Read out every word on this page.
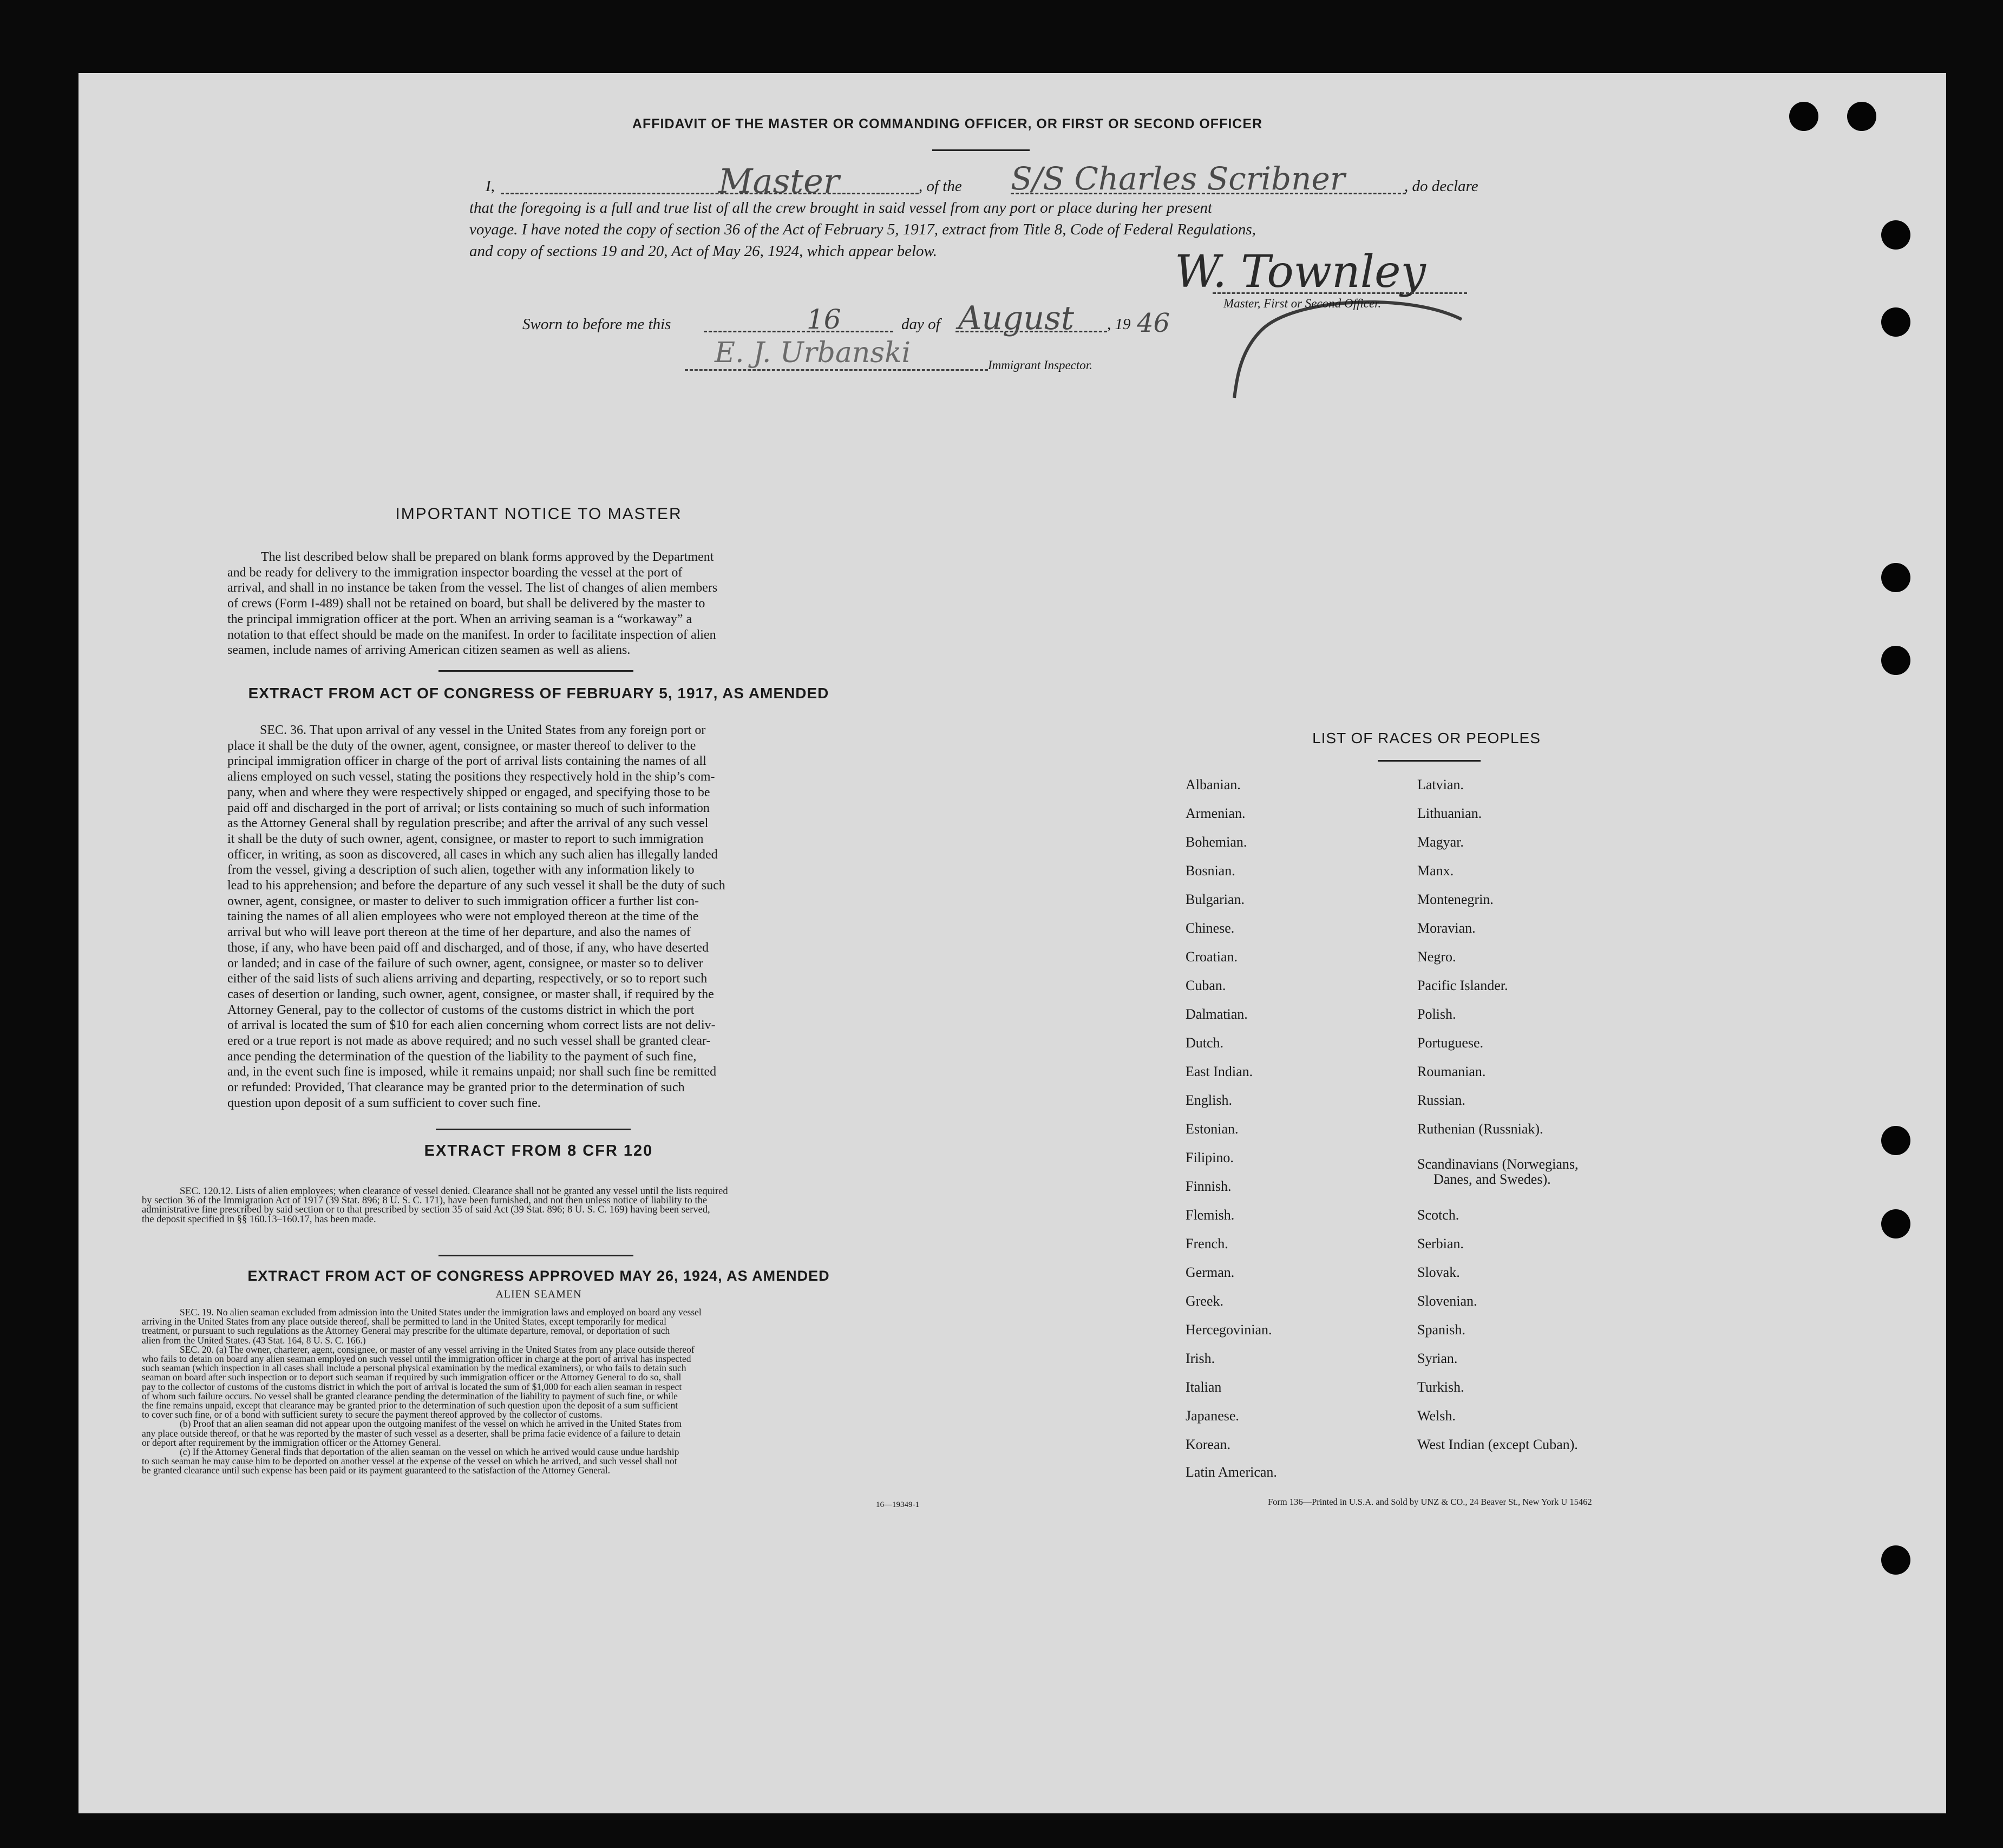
AFFIDAVIT OF THE MASTER OR COMMANDING OFFICER, OR FIRST OR SECOND OFFICER
I,	Master	, of the S/S Charles Scribner	, do declare
that the foregoing is a full and true list of all the crew brought in said vessel from any port or place during her present
voyage. I have noted the copy of section 36 of the Act of February 5, 1917, extract from Title 8, Code of Federal Regulations,
and copy of sections 19 and 20, Act of May 26, 1924, which appear below.	W. Townley
Master, First or Second Officer.
Sworn to before me this	16	day of August , 19 46
E. J. Urbanski	Immigrant Inspector.
IMPORTANT NOTICE TO MASTER
The list described below shall be prepared on blank forms approved by the Department
and be ready for delivery to the immigration inspector boarding the vessel at the port of
arrival, and shall in no instance be taken from the vessel. The list of changes of alien members
of crews (Form I-489) shall not be retained on board, but shall be delivered by the master to
the principal immigration officer at the port. When an arriving seaman is a “workaway” a
notation to that effect should be made on the manifest. In order to facilitate inspection of alien
seamen, include names of arriving American citizen seamen as well as aliens.
EXTRACT FROM ACT OF CONGRESS OF FEBRUARY 5, 1917, AS AMENDED
SEC. 36. That upon arrival of any vessel in the United States from any foreign port or
place it shall be the duty of the owner, agent, consignee, or master thereof to deliver to the
principal immigration officer in charge of the port of arrival lists containing the names of all
aliens employed on such vessel, stating the positions they respectively hold in the ship’s com-
pany, when and where they were respectively shipped or engaged, and specifying those to be
paid off and discharged in the port of arrival; or lists containing so much of such information
as the Attorney General shall by regulation prescribe; and after the arrival of any such vessel
it shall be the duty of such owner, agent, consignee, or master to report to such immigration
officer, in writing, as soon as discovered, all cases in which any such alien has illegally landed
from the vessel, giving a description of such alien, together with any information likely to
lead to his apprehension; and before the departure of any such vessel it shall be the duty of such
owner, agent, consignee, or master to deliver to such immigration officer a further list con-
taining the names of all alien employees who were not employed thereon at the time of the
arrival but who will leave port thereon at the time of her departure, and also the names of
those, if any, who have been paid off and discharged, and of those, if any, who have deserted
or landed; and in case of the failure of such owner, agent, consignee, or master so to deliver
either of the said lists of such aliens arriving and departing, respectively, or so to report such
cases of desertion or landing, such owner, agent, consignee, or master shall, if required by the
Attorney General, pay to the collector of customs of the customs district in which the port
of arrival is located the sum of $10 for each alien concerning whom correct lists are not deliv-
ered or a true report is not made as above required; and no such vessel shall be granted clear-
ance pending the determination of the question of the liability to the payment of such fine,
and, in the event such fine is imposed, while it remains unpaid; nor shall such fine be remitted
or refunded: Provided, That clearance may be granted prior to the determination of such
question upon deposit of a sum sufficient to cover such fine.
EXTRACT FROM 8 CFR 120
SEC. 120.12. Lists of alien employees; when clearance of vessel denied. Clearance shall not be granted any vessel until the lists required
by section 36 of the Immigration Act of 1917 (39 Stat. 896; 8 U. S. C. 171), have been furnished, and not then unless notice of liability to the
administrative fine prescribed by said section or to that prescribed by section 35 of said Act (39 Stat. 896; 8 U. S. C. 169) having been served,
the deposit specified in §§ 160.13–160.17, has been made.
EXTRACT FROM ACT OF CONGRESS APPROVED MAY 26, 1924, AS AMENDED
ALIEN SEAMEN
SEC. 19. No alien seaman excluded from admission into the United States under the immigration laws and employed on board any vessel
arriving in the United States from any place outside thereof, shall be permitted to land in the United States, except temporarily for medical
treatment, or pursuant to such regulations as the Attorney General may prescribe for the ultimate departure, removal, or deportation of such
alien from the United States. (43 Stat. 164, 8 U. S. C. 166.)
SEC. 20. (a) The owner, charterer, agent, consignee, or master of any vessel arriving in the United States from any place outside thereof
who fails to detain on board any alien seaman employed on such vessel until the immigration officer in charge at the port of arrival has inspected
such seaman (which inspection in all cases shall include a personal physical examination by the medical examiners), or who fails to detain such
seaman on board after such inspection or to deport such seaman if required by such immigration officer or the Attorney General to do so, shall
pay to the collector of customs of the customs district in which the port of arrival is located the sum of $1,000 for each alien seaman in respect
of whom such failure occurs. No vessel shall be granted clearance pending the determination of the liability to payment of such fine, or while
the fine remains unpaid, except that clearance may be granted prior to the determination of such question upon the deposit of a sum sufficient
to cover such fine, or of a bond with sufficient surety to secure the payment thereof approved by the collector of customs.
(b) Proof that an alien seaman did not appear upon the outgoing manifest of the vessel on which he arrived in the United States from
any place outside thereof, or that he was reported by the master of such vessel as a deserter, shall be prima facie evidence of a failure to detain
or deport after requirement by the immigration officer or the Attorney General.
(c) If the Attorney General finds that deportation of the alien seaman on the vessel on which he arrived would cause undue hardship
to such seaman he may cause him to be deported on another vessel at the expense of the vessel on which he arrived, and such vessel shall not
be granted clearance until such expense has been paid or its payment guaranteed to the satisfaction of the Attorney General.
16—19349-1
LIST OF RACES OR PEOPLES
Albanian.
Armenian.
Bohemian.
Bosnian.
Bulgarian.
Chinese.
Croatian.
Cuban.
Dalmatian.
Dutch.
East Indian.
English.
Estonian.
Filipino.
Finnish.
Flemish.
French.
German.
Greek.
Hercegovinian.
Irish.
Italian
Japanese.
Korean.
Latin American.
Latvian.
Lithuanian.
Magyar.
Manx.
Montenegrin.
Moravian.
Negro.
Pacific Islander.
Polish.
Portuguese.
Roumanian.
Russian.
Ruthenian (Russniak).
Scandinavians (Norwegians,
Danes, and Swedes).
Scotch.
Serbian.
Slovak.
Slovenian.
Spanish.
Syrian.
Turkish.
Welsh.
West Indian (except Cuban).
Form 136—Printed in U.S.A. and Sold by UNZ & CO., 24 Beaver St., New York U 15462
